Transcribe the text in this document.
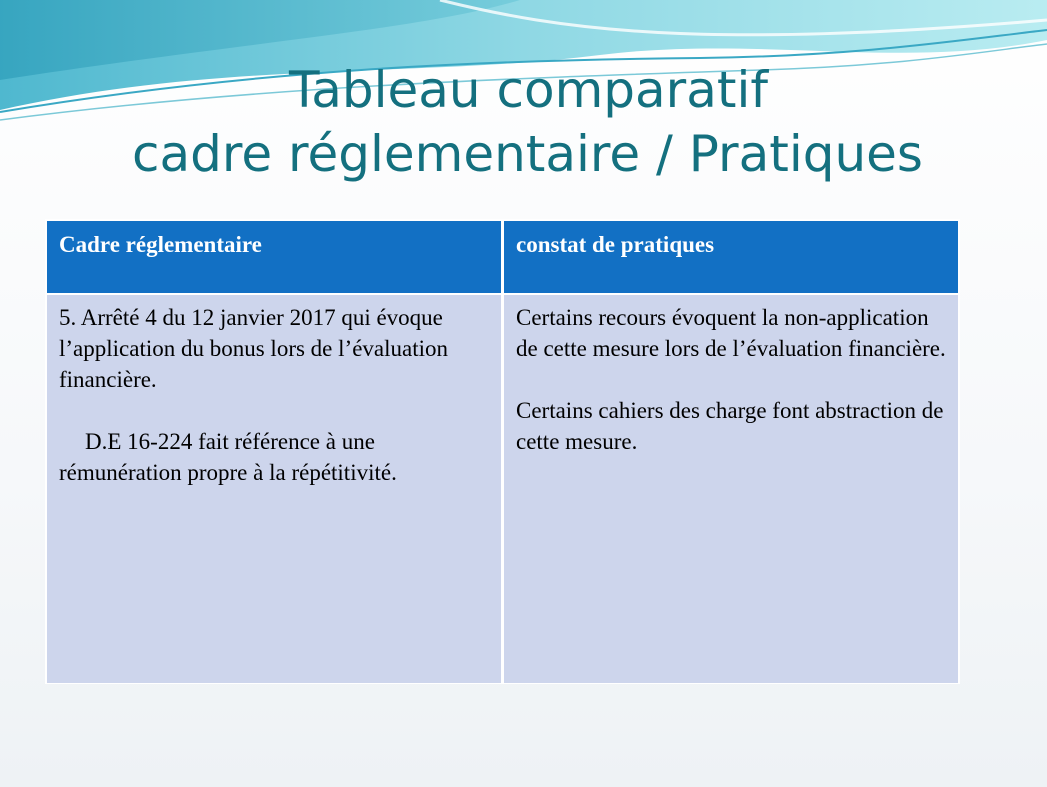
Tableau comparatif
cadre réglementaire / Pratiques
Cadre réglementaire	constat de pratiques

5. Arrêté 4 du 12 janvier 2017 qui évoque l’application du bonus lors de l’évaluation financière.

D.E 16-224 fait référence à une rémunération propre à la répétitivité.

Certains recours évoquent la non-application de cette mesure lors de l’évaluation financière.

Certains cahiers des charge font abstraction de cette mesure.
